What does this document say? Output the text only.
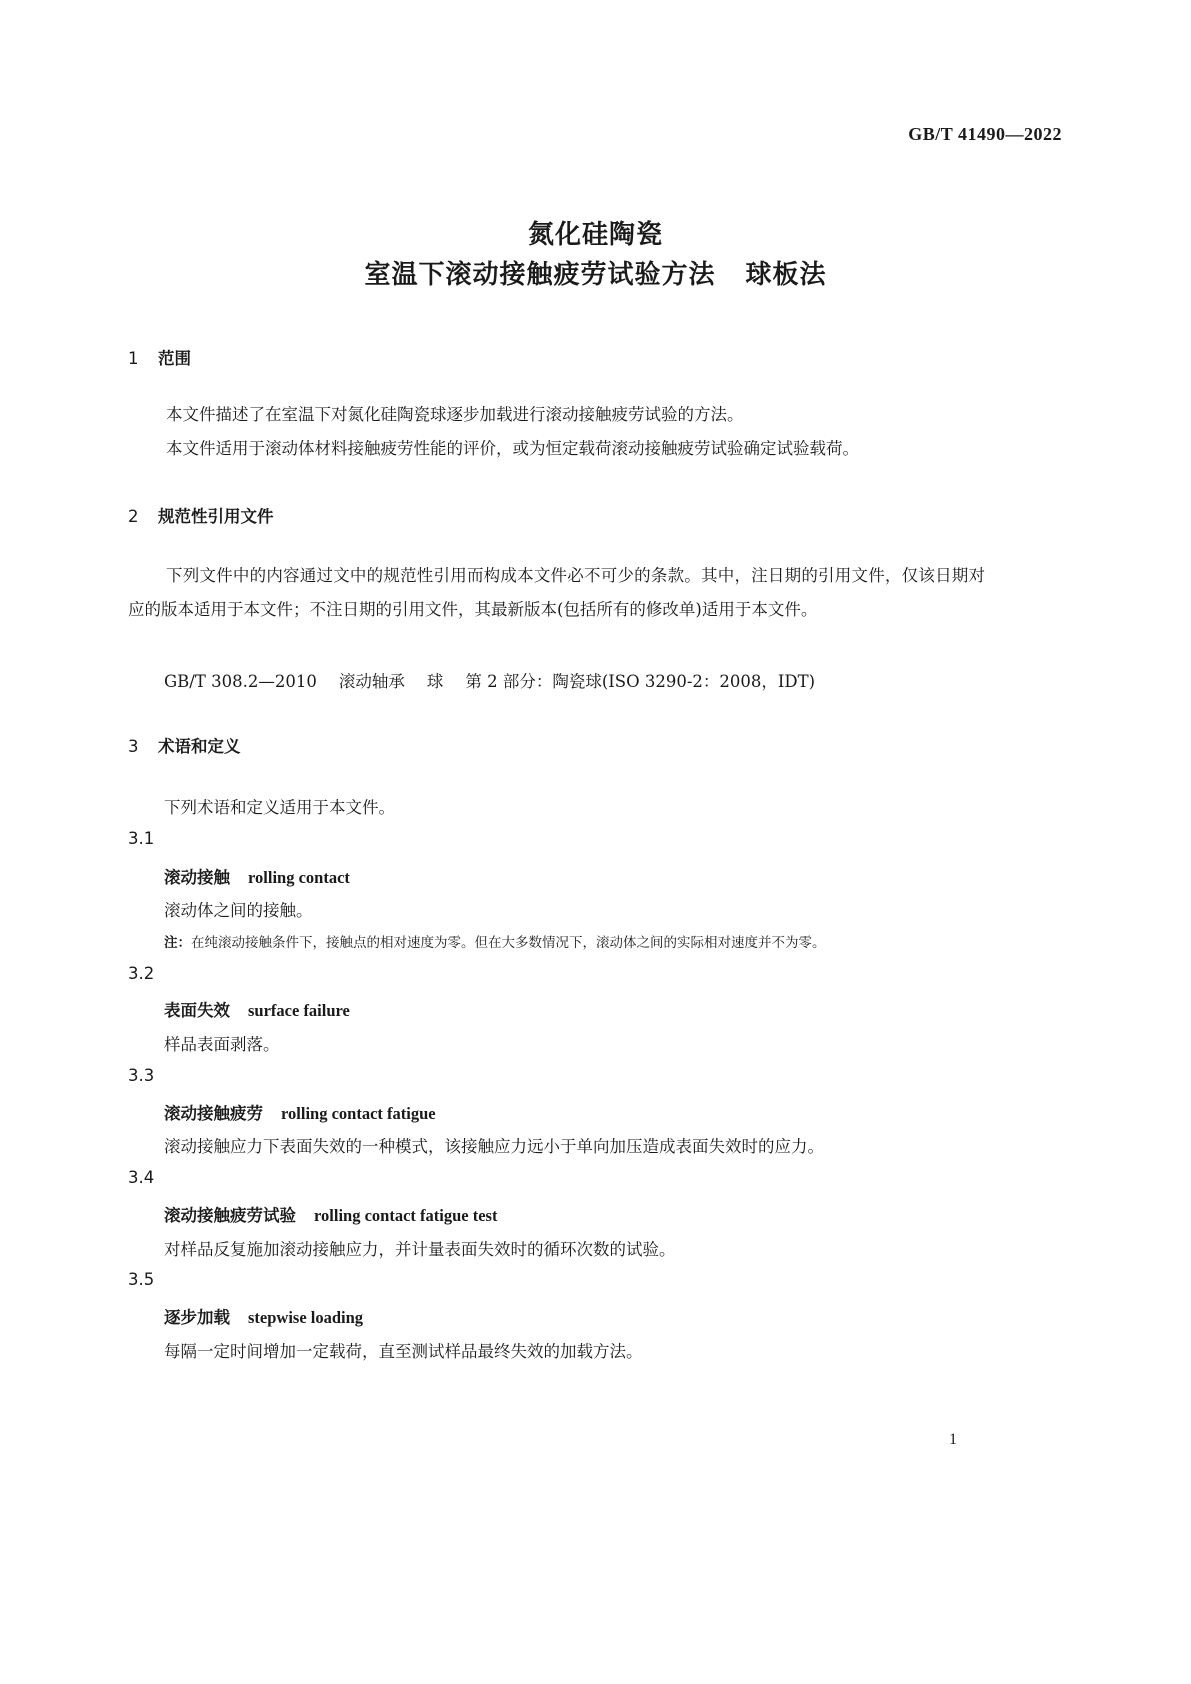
GB/T 41490—2022
氮化硅陶瓷
室温下滚动接触疲劳试验方法 球板法
1 范围
本文件描述了在室温下对氮化硅陶瓷球逐步加载进行滚动接触疲劳试验的方法。
本文件适用于滚动体材料接触疲劳性能的评价，或为恒定载荷滚动接触疲劳试验确定试验载荷。
2 规范性引用文件
下列文件中的内容通过文中的规范性引用而构成本文件必不可少的条款。其中，注日期的引用文件，仅该日期对应的版本适用于本文件；不注日期的引用文件，其最新版本(包括所有的修改单)适用于本文件。
GB/T 308.2—2010 滚动轴承 球 第 2 部分：陶瓷球(ISO 3290-2：2008，IDT)
3 术语和定义
下列术语和定义适用于本文件。
3.1
滚动接触 rolling contact
滚动体之间的接触。
注：在纯滚动接触条件下，接触点的相对速度为零。但在大多数情况下，滚动体之间的实际相对速度并不为零。
3.2
表面失效 surface failure
样品表面剥落。
3.3
滚动接触疲劳 rolling contact fatigue
滚动接触应力下表面失效的一种模式，该接触应力远小于单向加压造成表面失效时的应力。
3.4
滚动接触疲劳试验 rolling contact fatigue test
对样品反复施加滚动接触应力，并计量表面失效时的循环次数的试验。
3.5
逐步加载 stepwise loading
每隔一定时间增加一定载荷，直至测试样品最终失效的加载方法。
1
